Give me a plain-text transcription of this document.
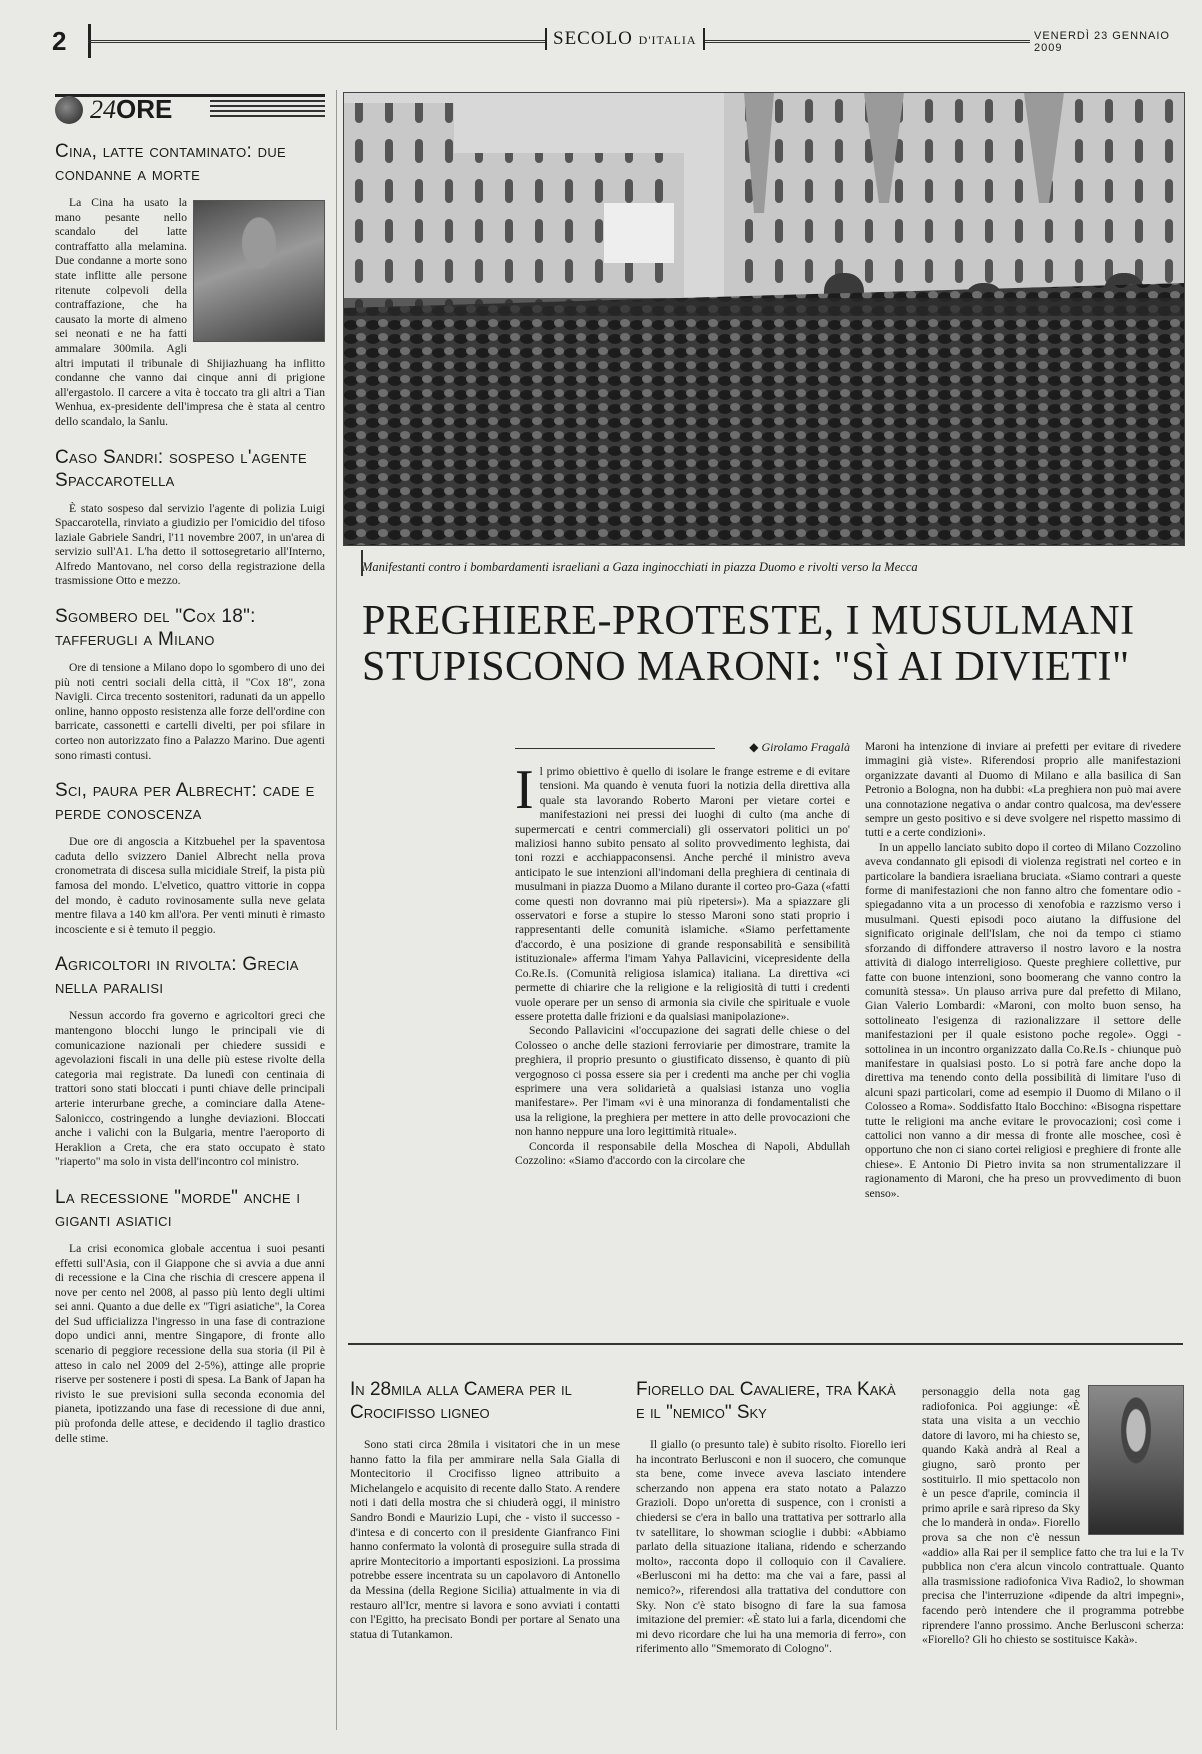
2	SECOLO D'ITALIA	VENERDÌ 23 GENNAIO 2009
24ORE
Cina, latte contaminato: due condanne a morte

La Cina ha usato la mano pesante nello scandalo del latte contraffatto alla melamina. Due condanne a morte sono state inflitte alle persone ritenute colpevoli della contraffazione, che ha causato la morte di almeno sei neonati e ne ha fatti ammalare 300mila. Agli altri imputati il tribunale di Shijiazhuang ha inflitto condanne che vanno dai cinque anni di prigione all'ergastolo. Il carcere a vita è toccato tra gli altri a Tian Wenhua, ex-presidente dell'impresa che è stata al centro dello scandalo, la Sanlu.

Caso Sandri: sospeso l'agente Spaccarotella

È stato sospeso dal servizio l'agente di polizia Luigi Spaccarotella, rinviato a giudizio per l'omicidio del tifoso laziale Gabriele Sandri, l'11 novembre 2007, in un'area di servizio sull'A1. L'ha detto il sottosegretario all'Interno, Alfredo Mantovano, nel corso della registrazione della trasmissione Otto e mezzo.

Sgombero del "Cox 18": tafferugli a Milano

Ore di tensione a Milano dopo lo sgombero di uno dei più noti centri sociali della città, il "Cox 18", zona Navigli. Circa trecento sostenitori, radunati da un appello online, hanno opposto resistenza alle forze dell'ordine con barricate, cassonetti e cartelli divelti, per poi sfilare in corteo non autorizzato fino a Palazzo Marino. Due agenti sono rimasti contusi.

Sci, paura per Albrecht: cade e perde conoscenza

Due ore di angoscia a Kitzbuehel per la spaventosa caduta dello svizzero Daniel Albrecht nella prova cronometrata di discesa sulla micidiale Streif, la pista più famosa del mondo. L'elvetico, quattro vittorie in coppa del mondo, è caduto rovinosamente sulla neve gelata mentre filava a 140 km all'ora. Per venti minuti è rimasto incosciente e si è temuto il peggio.

Agricoltori in rivolta: Grecia nella paralisi

Nessun accordo fra governo e agricoltori greci che mantengono blocchi lungo le principali vie di comunicazione nazionali per chiedere sussidi e agevolazioni fiscali in una delle più estese rivolte della categoria mai registrate. Da lunedì con centinaia di trattori sono stati bloccati i punti chiave delle principali arterie interurbane greche, a cominciare dalla Atene-Salonicco, costringendo a lunghe deviazioni. Bloccati anche i valichi con la Bulgaria, mentre l'aeroporto di Heraklion a Creta, che era stato occupato è stato "riaperto" ma solo in vista dell'incontro col ministro.

La recessione "morde" anche i giganti asiatici

La crisi economica globale accentua i suoi pesanti effetti sull'Asia, con il Giappone che si avvia a due anni di recessione e la Cina che rischia di crescere appena il nove per cento nel 2008, al passo più lento degli ultimi sei anni. Quanto a due delle ex "Tigri asiatiche", la Corea del Sud ufficializza l'ingresso in una fase di contrazione dopo undici anni, mentre Singapore, di fronte allo scenario di peggiore recessione della sua storia (il Pil è atteso in calo nel 2009 del 2-5%), attinge alle proprie riserve per sostenere i posti di spesa. La Bank of Japan ha rivisto le sue previsioni sulla seconda economia del pianeta, ipotizzando una fase di recessione di due anni, più profonda delle attese, e decidendo il taglio drastico delle stime.

Manifestanti contro i bombardamenti israeliani a Gaza inginocchiati in piazza Duomo e rivolti verso la Mecca
PREGHIERE-PROTESTE, I MUSULMANI
STUPISCONO MARONI: "SÌ AI DIVIETI"
◆ Girolamo Fragalà
I l primo obiettivo è quello di isolare le frange estreme e di evitare tensioni. Ma quando è venuta fuori la notizia della direttiva alla quale sta lavorando Roberto Maroni per vietare cortei e manifestazioni nei pressi dei luoghi di culto (ma anche di supermercati e centri commerciali) gli osservatori politici un po' maliziosi hanno subito pensato al solito provvedimento leghista, dai toni rozzi e acchiappaconsensi. Anche perché il ministro aveva anticipato le sue intenzioni all'indomani della preghiera di centinaia di musulmani in piazza Duomo a Milano durante il corteo pro-Gaza («fatti come questi non dovranno mai più ripetersi»). Ma a spiazzare gli osservatori e forse a stupire lo stesso Maroni sono stati proprio i rappresentanti delle comunità islamiche. «Siamo perfettamente d'accordo, è una posizione di grande responsabilità e sensibilità istituzionale» afferma l'imam Yahya Pallavicini, vicepresidente della Co.Re.Is. (Comunità religiosa islamica) italiana. La direttiva «ci permette di chiarire che la religione e la religiosità di tutti i credenti vuole operare per un senso di armonia sia civile che spirituale e vuole essere protetta dalle frizioni e da qualsiasi manipolazione».

Secondo Pallavicini «l'occupazione dei sagrati delle chiese o del Colosseo o anche delle stazioni ferroviarie per dimostrare, tramite la preghiera, il proprio presunto o giustificato dissenso, è quanto di più vergognoso ci possa essere sia per i credenti ma anche per chi voglia esprimere una vera solidarietà a qualsiasi istanza uno voglia manifestare». Per l'imam «vi è una minoranza di fondamentalisti che usa la religione, la preghiera per mettere in atto delle provocazioni che non hanno neppure una loro legittimità rituale».

Concorda il responsabile della Moschea di Napoli, Abdullah Cozzolino: «Siamo d'accordo con la circolare che

Maroni ha intenzione di inviare ai prefetti per evitare di rivedere immagini già viste». Riferendosi proprio alle manifestazioni organizzate davanti al Duomo di Milano e alla basilica di San Petronio a Bologna, non ha dubbi: «La preghiera non può mai avere una connotazione negativa o andar contro qualcosa, ma dev'essere sempre un gesto positivo e si deve svolgere nel rispetto massimo di tutti e a certe condizioni».

In un appello lanciato subito dopo il corteo di Milano Cozzolino aveva condannato gli episodi di violenza registrati nel corteo e in particolare la bandiera israeliana bruciata. «Siamo contrari a queste forme di manifestazioni che non fanno altro che fomentare odio - spiegadanno vita a un processo di xenofobia e razzismo verso i musulmani. Questi episodi poco aiutano la diffusione del significato originale dell'Islam, che noi da tempo ci stiamo sforzando di diffondere attraverso il nostro lavoro e la nostra attività di dialogo interreligioso. Queste preghiere collettive, pur fatte con buone intenzioni, sono boomerang che vanno contro la comunità stessa». Un plauso arriva pure dal prefetto di Milano, Gian Valerio Lombardi: «Maroni, con molto buon senso, ha sottolineato l'esigenza di razionalizzare il settore delle manifestazioni per il quale esistono poche regole». Oggi - sottolinea in un incontro organizzato dalla Co.Re.Is - chiunque può manifestare in qualsiasi posto. Lo si potrà fare anche dopo la direttiva ma tenendo conto della possibilità di limitare l'uso di alcuni spazi particolari, come ad esempio il Duomo di Milano o il Colosseo a Roma». Soddisfatto Italo Bocchino: «Bisogna rispettare tutte le religioni ma anche evitare le provocazioni; così come i cattolici non vanno a dir messa di fronte alle moschee, così è opportuno che non ci siano cortei religiosi e preghiere di fronte alle chiese». E Antonio Di Pietro invita sa non strumentalizzare il ragionamento di Maroni, che ha preso un provvedimento di buon senso».

In 28mila alla Camera per il Crocifisso ligneo

Sono stati circa 28mila i visitatori che in un mese hanno fatto la fila per ammirare nella Sala Gialla di Montecitorio il Crocifisso ligneo attribuito a Michelangelo e acquisito di recente dallo Stato. A rendere noti i dati della mostra che si chiuderà oggi, il ministro Sandro Bondi e Maurizio Lupi, che - visto il successo - d'intesa e di concerto con il presidente Gianfranco Fini hanno confermato la volontà di proseguire sulla strada di aprire Montecitorio a importanti esposizioni. La prossima potrebbe essere incentrata su un capolavoro di Antonello da Messina (della Regione Sicilia) attualmente in via di restauro all'Icr, mentre si lavora e sono avviati i contatti con l'Egitto, ha precisato Bondi per portare al Senato una statua di Tutankamon.

Fiorello dal Cavaliere, tra Kakà e il "nemico" Sky

Il giallo (o presunto tale) è subito risolto. Fiorello ieri ha incontrato Berlusconi e non il suocero, che comunque sta bene, come invece aveva lasciato intendere scherzando non appena era stato notato a Palazzo Grazioli. Dopo un'oretta di suspence, con i cronisti a chiedersi se c'era in ballo una trattativa per sottrarlo alla tv satellitare, lo showman scioglie i dubbi: «Abbiamo parlato della situazione italiana, ridendo e scherzando molto», racconta dopo il colloquio con il Cavaliere. «Berlusconi mi ha detto: ma che vai a fare, passi al nemico?», riferendosi alla trattativa del conduttore con Sky. Non c'è stato bisogno di fare la sua famosa imitazione del premier: «È stato lui a farla, dicendomi che mi devo ricordare che lui ha una memoria di ferro», con riferimento allo "Smemorato di Cologno".

personaggio della nota gag radiofonica. Poi aggiunge: «È stata una visita a un vecchio datore di lavoro, mi ha chiesto se, quando Kakà andrà al Real a giugno, sarò pronto per sostituirlo. Il mio spettacolo non è un pesce d'aprile, comincia il primo aprile e sarà ripreso da Sky che lo manderà in onda». Fiorello prova sa che non c'è nessun «addio» alla Rai per il semplice fatto che tra lui e la Tv pubblica non c'era alcun vincolo contrattuale. Quanto alla trasmissione radiofonica Viva Radio2, lo showman precisa che l'interruzione «dipende da altri impegni», facendo però intendere che il programma potrebbe riprendere l'anno prossimo. Anche Berlusconi scherza: «Fiorello? Gli ho chiesto se sostituisce Kakà».
